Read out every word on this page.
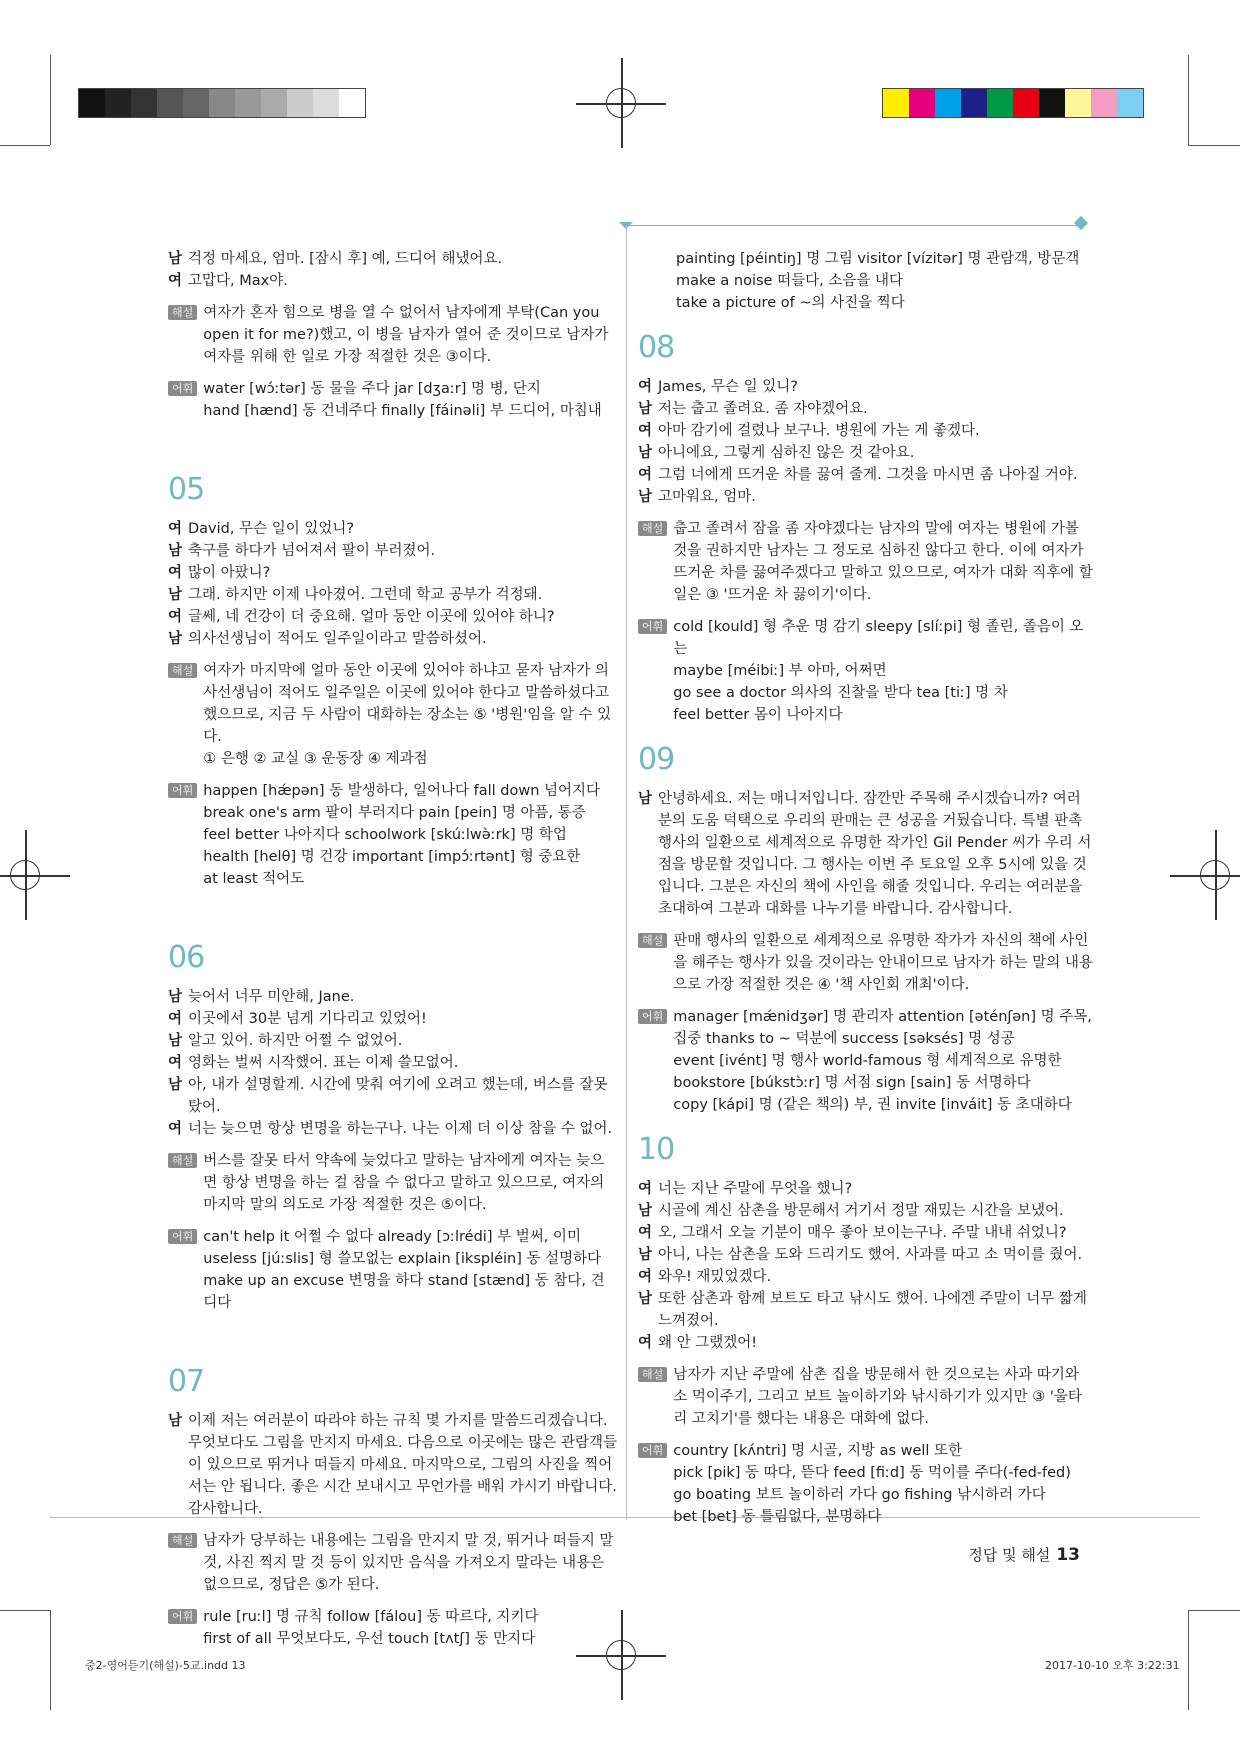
남 걱정 마세요, 엄마. [잠시 후] 예, 드디어 해냈어요.
여 고맙다, Max야.
해설 여자가 혼자 힘으로 병을 열 수 없어서 남자에게 부탁(Can you open it for me?)했고, 이 병을 남자가 열어 준 것이므로 남자가 여자를 위해 한 일로 가장 적절한 것은 ③이다.
어휘 water [wɔ́ːtər] 동 물을 주다 jar [dʒaːr] 명 병, 단지
hand [hænd] 동 건네주다 finally [fáinəli] 부 드디어, 마침내
05
여 David, 무슨 일이 있었니?
남 축구를 하다가 넘어져서 팔이 부러졌어.
여 많이 아팠니?
남 그래. 하지만 이제 나아졌어. 그런데 학교 공부가 걱정돼.
여 글쎄, 네 건강이 더 중요해. 얼마 동안 이곳에 있어야 하니?
남 의사선생님이 적어도 일주일이라고 말씀하셨어.
해설 여자가 마지막에 얼마 동안 이곳에 있어야 하냐고 묻자 남자가 의사선생님이 적어도 일주일은 이곳에 있어야 한다고 말씀하셨다고 했으므로, 지금 두 사람이 대화하는 장소는 ⑤ '병원'임을 알 수 있다.
① 은행 ② 교실 ③ 운동장 ④ 제과점
어휘 happen [hǽpən] 동 발생하다, 일어나다 fall down 넘어지다
break one's arm 팔이 부러지다 pain [pein] 명 아픔, 통증
feel better 나아지다 schoolwork [skúːlwə̀ːrk] 명 학업
health [helθ] 명 건강 important [impɔ́ːrtənt] 형 중요한
at least 적어도
06
남 늦어서 너무 미안해, Jane.
여 이곳에서 30분 넘게 기다리고 있었어!
남 알고 있어. 하지만 어쩔 수 없었어.
여 영화는 벌써 시작했어. 표는 이제 쓸모없어.
남 아, 내가 설명할게. 시간에 맞춰 여기에 오려고 했는데, 버스를 잘못 탔어.
여 너는 늦으면 항상 변명을 하는구나. 나는 이제 더 이상 참을 수 없어.
해설 버스를 잘못 타서 약속에 늦었다고 말하는 남자에게 여자는 늦으면 항상 변명을 하는 걸 참을 수 없다고 말하고 있으므로, 여자의 마지막 말의 의도로 가장 적절한 것은 ⑤이다.
어휘 can't help it 어쩔 수 없다 already [ɔːlrédi] 부 벌써, 이미
useless [júːslis] 형 쓸모없는 explain [ikspléin] 동 설명하다
make up an excuse 변명을 하다 stand [stænd] 동 참다, 견디다
07
남 이제 저는 여러분이 따라야 하는 규칙 몇 가지를 말씀드리겠습니다. 무엇보다도 그림을 만지지 마세요. 다음으로 이곳에는 많은 관람객들이 있으므로 뛰거나 떠들지 마세요. 마지막으로, 그림의 사진을 찍어서는 안 됩니다. 좋은 시간 보내시고 무언가를 배워 가시기 바랍니다. 감사합니다.
해설 남자가 당부하는 내용에는 그림을 만지지 말 것, 뛰거나 떠들지 말 것, 사진 찍지 말 것 등이 있지만 음식을 가져오지 말라는 내용은 없으므로, 정답은 ⑤가 된다.
어휘 rule [ruːl] 명 규칙 follow [fálou] 동 따르다, 지키다
first of all 무엇보다도, 우선 touch [tʌtʃ] 동 만지다
painting [péintiŋ] 명 그림 visitor [vízitər] 명 관람객, 방문객
make a noise 떠들다, 소음을 내다
take a picture of ~의 사진을 찍다
08
여 James, 무슨 일 있니?
남 저는 춥고 졸려요. 좀 자야겠어요.
여 아마 감기에 걸렸나 보구나. 병원에 가는 게 좋겠다.
남 아니에요, 그렇게 심하진 않은 것 같아요.
여 그럼 너에게 뜨거운 차를 끓여 줄게. 그것을 마시면 좀 나아질 거야.
남 고마워요, 엄마.
해설 춥고 졸려서 잠을 좀 자야겠다는 남자의 말에 여자는 병원에 가볼 것을 권하지만 남자는 그 정도로 심하진 않다고 한다. 이에 여자가 뜨거운 차를 끓여주겠다고 말하고 있으므로, 여자가 대화 직후에 할 일은 ③ '뜨거운 차 끓이기'이다.
어휘 cold [kould] 형 추운 명 감기 sleepy [slíːpi] 형 졸린, 졸음이 오는
maybe [méibiː] 부 아마, 어쩌면
go see a doctor 의사의 진찰을 받다 tea [tiː] 명 차
feel better 몸이 나아지다
09
남 안녕하세요. 저는 매니저입니다. 잠깐만 주목해 주시겠습니까? 여러분의 도움 덕택으로 우리의 판매는 큰 성공을 거뒀습니다. 특별 판촉행사의 일환으로 세계적으로 유명한 작가인 Gil Pender 씨가 우리 서점을 방문할 것입니다. 그 행사는 이번 주 토요일 오후 5시에 있을 것입니다. 그분은 자신의 책에 사인을 해줄 것입니다. 우리는 여러분을 초대하여 그분과 대화를 나누기를 바랍니다. 감사합니다.
해설 판매 행사의 일환으로 세계적으로 유명한 작가가 자신의 책에 사인을 해주는 행사가 있을 것이라는 안내이므로 남자가 하는 말의 내용으로 가장 적절한 것은 ④ '책 사인회 개최'이다.
어휘 manager [mǽnidʒər] 명 관리자 attention [əténʃən] 명 주목, 집중 thanks to ~ 덕분에 success [səksés] 명 성공
event [ivént] 명 행사 world-famous 형 세계적으로 유명한
bookstore [búkstɔ̀ːr] 명 서점 sign [sain] 동 서명하다
copy [kápi] 명 (같은 책의) 부, 권 invite [inváit] 동 초대하다
10
여 너는 지난 주말에 무엇을 했니?
남 시골에 계신 삼촌을 방문해서 거기서 정말 재밌는 시간을 보냈어.
여 오, 그래서 오늘 기분이 매우 좋아 보이는구나. 주말 내내 쉬었니?
남 아니, 나는 삼촌을 도와 드리기도 했어. 사과를 따고 소 먹이를 줬어.
여 와우! 재밌었겠다.
남 또한 삼촌과 함께 보트도 타고 낚시도 했어. 나에겐 주말이 너무 짧게 느껴졌어.
여 왜 안 그랬겠어!
해설 남자가 지난 주말에 삼촌 집을 방문해서 한 것으로는 사과 따기와 소 먹이주기, 그리고 보트 놀이하기와 낚시하기가 있지만 ③ '울타리 고치기'를 했다는 내용은 대화에 없다.
어휘 country [kʌ́ntri] 명 시골, 지방 as well 또한
pick [pik] 동 따다, 뜯다 feed [fiːd] 동 먹이를 주다(-fed-fed)
go boating 보트 놀이하러 가다 go fishing 낚시하러 가다
bet [bet] 동 틀림없다, 분명하다
정답 및 해설 13
중2-영어듣기(해설)-5교.indd 13	2017-10-10 오후 3:22:31
